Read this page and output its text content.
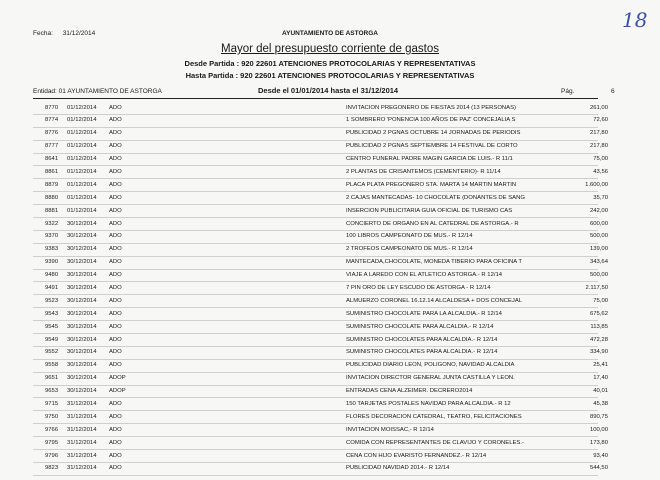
Fecha: 31/12/2014	AYUNTAMIENTO DE ASTORGA
18
Mayor del presupuesto corriente de gastos
Desde Partida : 920 22601 ATENCIONES PROTOCOLARIAS Y REPRESENTATIVAS
Hasta Partida : 920 22601 ATENCIONES PROTOCOLARIAS Y REPRESENTATIVAS
Entidad: 01 AYUNTAMIENTO DE ASTORGA	Desde el 01/01/2014 hasta el 31/12/2014	Pág.	6
8770 01/12/2014 ADO	INVITACION PREGONERO DE FIESTAS 2014 (13 PERSONAS)	261,00
8774 01/12/2014 ADO	1 SOMBRERO 'PONENCIA 100 AÑOS DE PAZ' CONCEJALIA S	72,60
8776 01/12/2014 ADO	PUBLICIDAD 2 PGNAS OCTUBRE 14 JORNADAS DE PERIODIS	217,80
8777 01/12/2014 ADO	PUBLICIDAD 2 PGNAS SEPTIEMBRE 14 FESTIVAL DE CORTO	217,80
8641 01/12/2014 ADO	CENTRO FUNERAL PADRE MAGIN GARCIA DE LUIS.- R 11/1	75,00
8861 01/12/2014 ADO	2 PLANTAS DE CRISANTEMOS (CEMENTERIO)- R 11/14	43,56
8879 01/12/2014 ADO	PLACA PLATA PREGONERO STA. MARTA 14 MARTIN MARTIN	1.600,00
8880 01/12/2014 ADO	2 CAJAS MANTECADAS- 10 CHOCOLATE (DONANTES DE SANG	35,70
8881 01/12/2014 ADO	INSERCION PUBLICITARIA GUIA OFICIAL DE TURISMO CAS	242,00
9322 30/12/2014 ADO	CONCIERTO DE ORGANO EN AL CATEDRAL DE ASTORGA.- R	600,00
9370 30/12/2014 ADO	100 LIBROS CAMPEONATO DE MUS.- R 12/14	500,00
9383 30/12/2014 ADO	2 TROFEOS CAMPEONATO DE MUS.- R 12/14	139,00
9390 30/12/2014 ADO	MANTECADA,CHOCOLATE, MONEDA TIBERIO PARA OFICINA T	343,64
9480 30/12/2014 ADO	VIAJE A LAREDO CON EL ATLETICO ASTORGA.- R 12/14	500,00
9491 30/12/2014 ADO	7 PIN ORO DE LEY ESCUDO DE ASTORGA - R 12/14	2.117,50
9523 30/12/2014 ADO	ALMUERZO CORONEL 16.12.14 ALCALDESA + DOS CONCEJAL	75,00
9543 30/12/2014 ADO	SUMINISTRO CHOCOLATE PARA LA ALCALDIA.- R 12/14	675,62
9545 30/12/2014 ADO	SUMINISTRO CHOCOLATE PARA ALCALDIA.- R 12/14	113,85
9549 30/12/2014 ADO	SUMINISTRO CHOCOLATES PARA ALCALDIA.- R 12/14	472,28
9552 30/12/2014 ADO	SUMINISTRO CHOCOLATES PARA ALCALDIA.- R 12/14	334,90
9558 30/12/2014 ADO	PUBLICIDAD DIARIO LEON, POLIGONO, NAVIDAD ALCALDIA	25,41
9651 30/12/2014 ADOP	INVITACION DIRECTOR GENERAL JUNTA CASTILLA Y LEON.	17,40
9653 30/12/2014 ADOP	ENTRADAS CENA ALZEIMER. DECRERO2014	40,01
9715 31/12/2014 ADO	150 TARJETAS POSTALES NAVIDAD PARA ALCALDIA.- R 12	45,38
9750 31/12/2014 ADO	FLORES DECORACION CATEDRAL, TEATRO, FELICITACIONES	890,75
9766 31/12/2014 ADO	INVITACION MOISSAC,- R 12/14	100,00
9795 31/12/2014 ADO	COMIDA CON REPRESENTANTES DE CLAVIJO Y CORONELES.-	173,80
9796 31/12/2014 ADO	CENA CON HIJO EVARISTO FERNANDEZ.- R 12/14	93,40
9823 31/12/2014 ADO	PUBLICIDAD NAVIDAD 2014.- R 12/14	544,50
